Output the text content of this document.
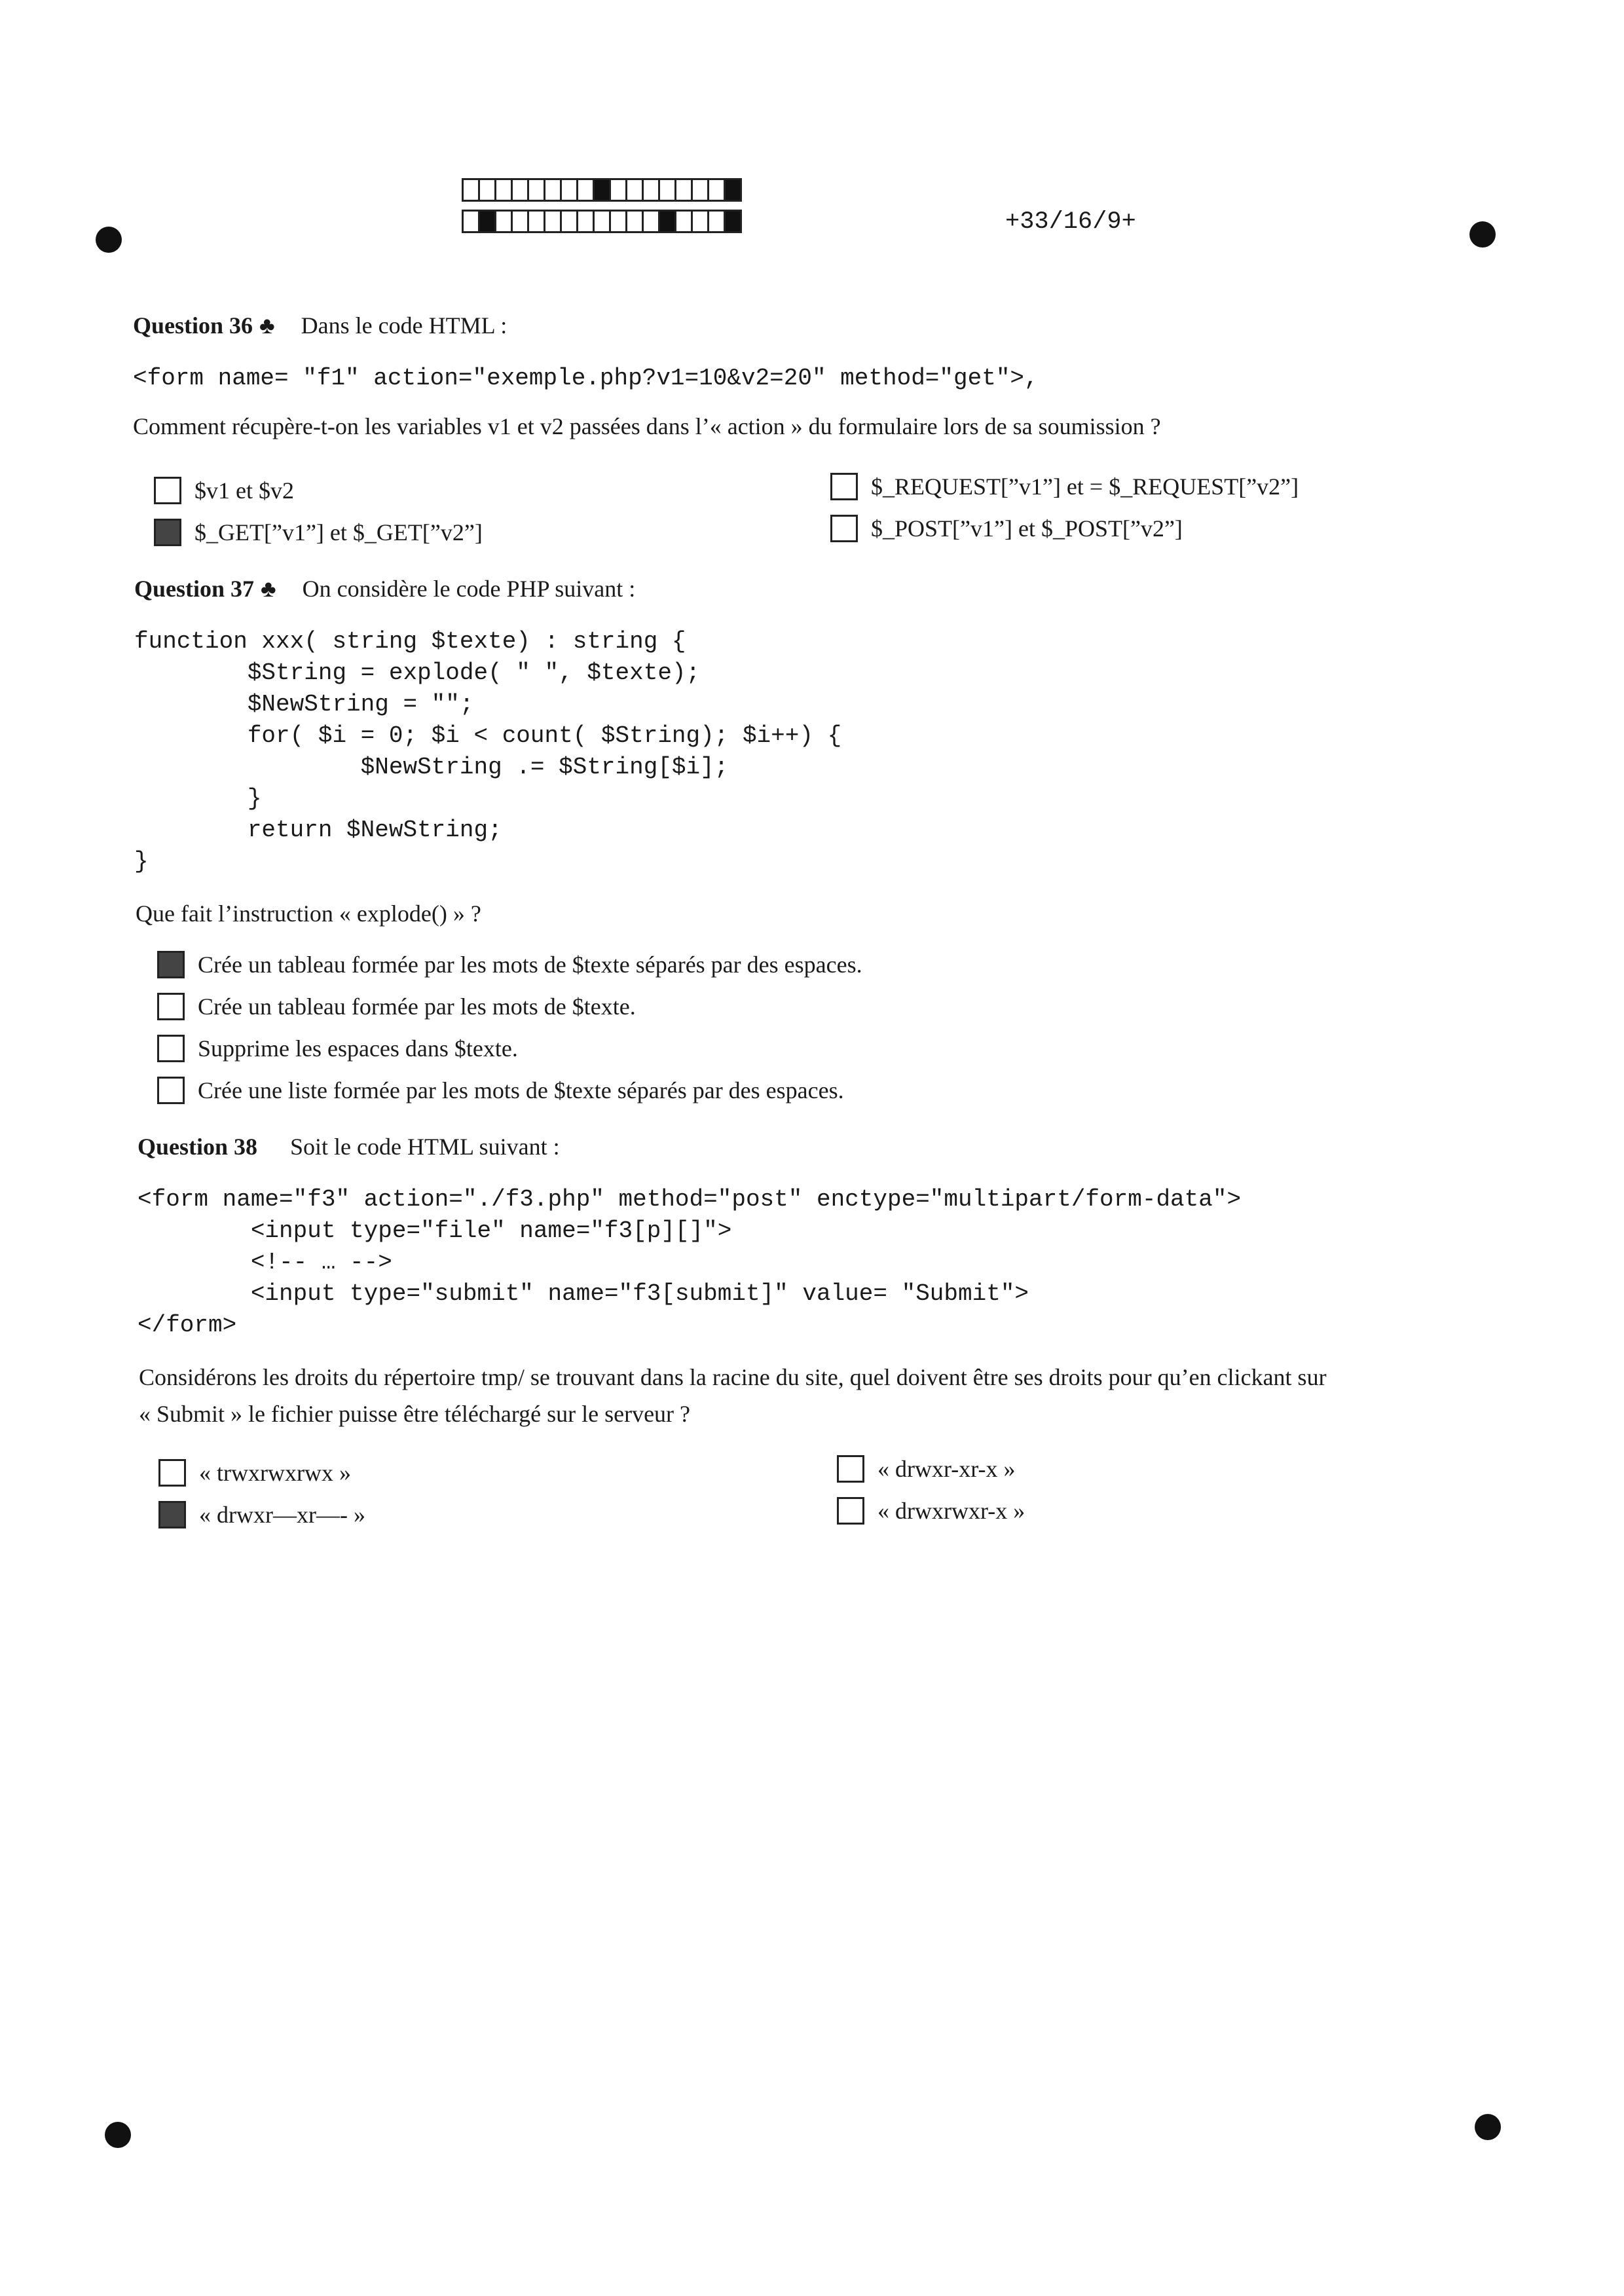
+33/16/9+
Question 36 ♣ Dans le code HTML :
<form name= "f1" action="exemple.php?v1=10&v2=20" method="get">,
Comment récupère-t-on les variables v1 et v2 passées dans l’« action » du formulaire lors de sa soumission ?
$v1 et $v2
$_GET[”v1”] et $_GET[”v2”]
$_REQUEST[”v1”] et = $_REQUEST[”v2”]
$_POST[”v1”] et $_POST[”v2”]
Question 37 ♣ On considère le code PHP suivant :
function xxx( string $texte) : string {
$String = explode( " ", $texte);
$NewString = "";
for( $i = 0; $i < count( $String); $i++) {
$NewString .= $String[$i];
}
return $NewString;
}
Que fait l’instruction « explode() » ?
Crée un tableau formée par les mots de $texte séparés par des espaces.
Crée un tableau formée par les mots de $texte.
Supprime les espaces dans $texte.
Crée une liste formée par les mots de $texte séparés par des espaces.
Question 38 Soit le code HTML suivant :
<form name="f3" action="./f3.php" method="post" enctype="multipart/form-data">
<input type="file" name="f3[p][]">
<!-- … -->
<input type="submit" name="f3[submit]" value= "Submit">
</form>
Considérons les droits du répertoire tmp/ se trouvant dans la racine du site, quel doivent être ses droits pour qu’en clickant sur
« Submit » le fichier puisse être téléchargé sur le serveur ?
« trwxrwxrwx »
« drwxr—xr—- »
« drwxr-xr-x »
« drwxrwxr-x »
